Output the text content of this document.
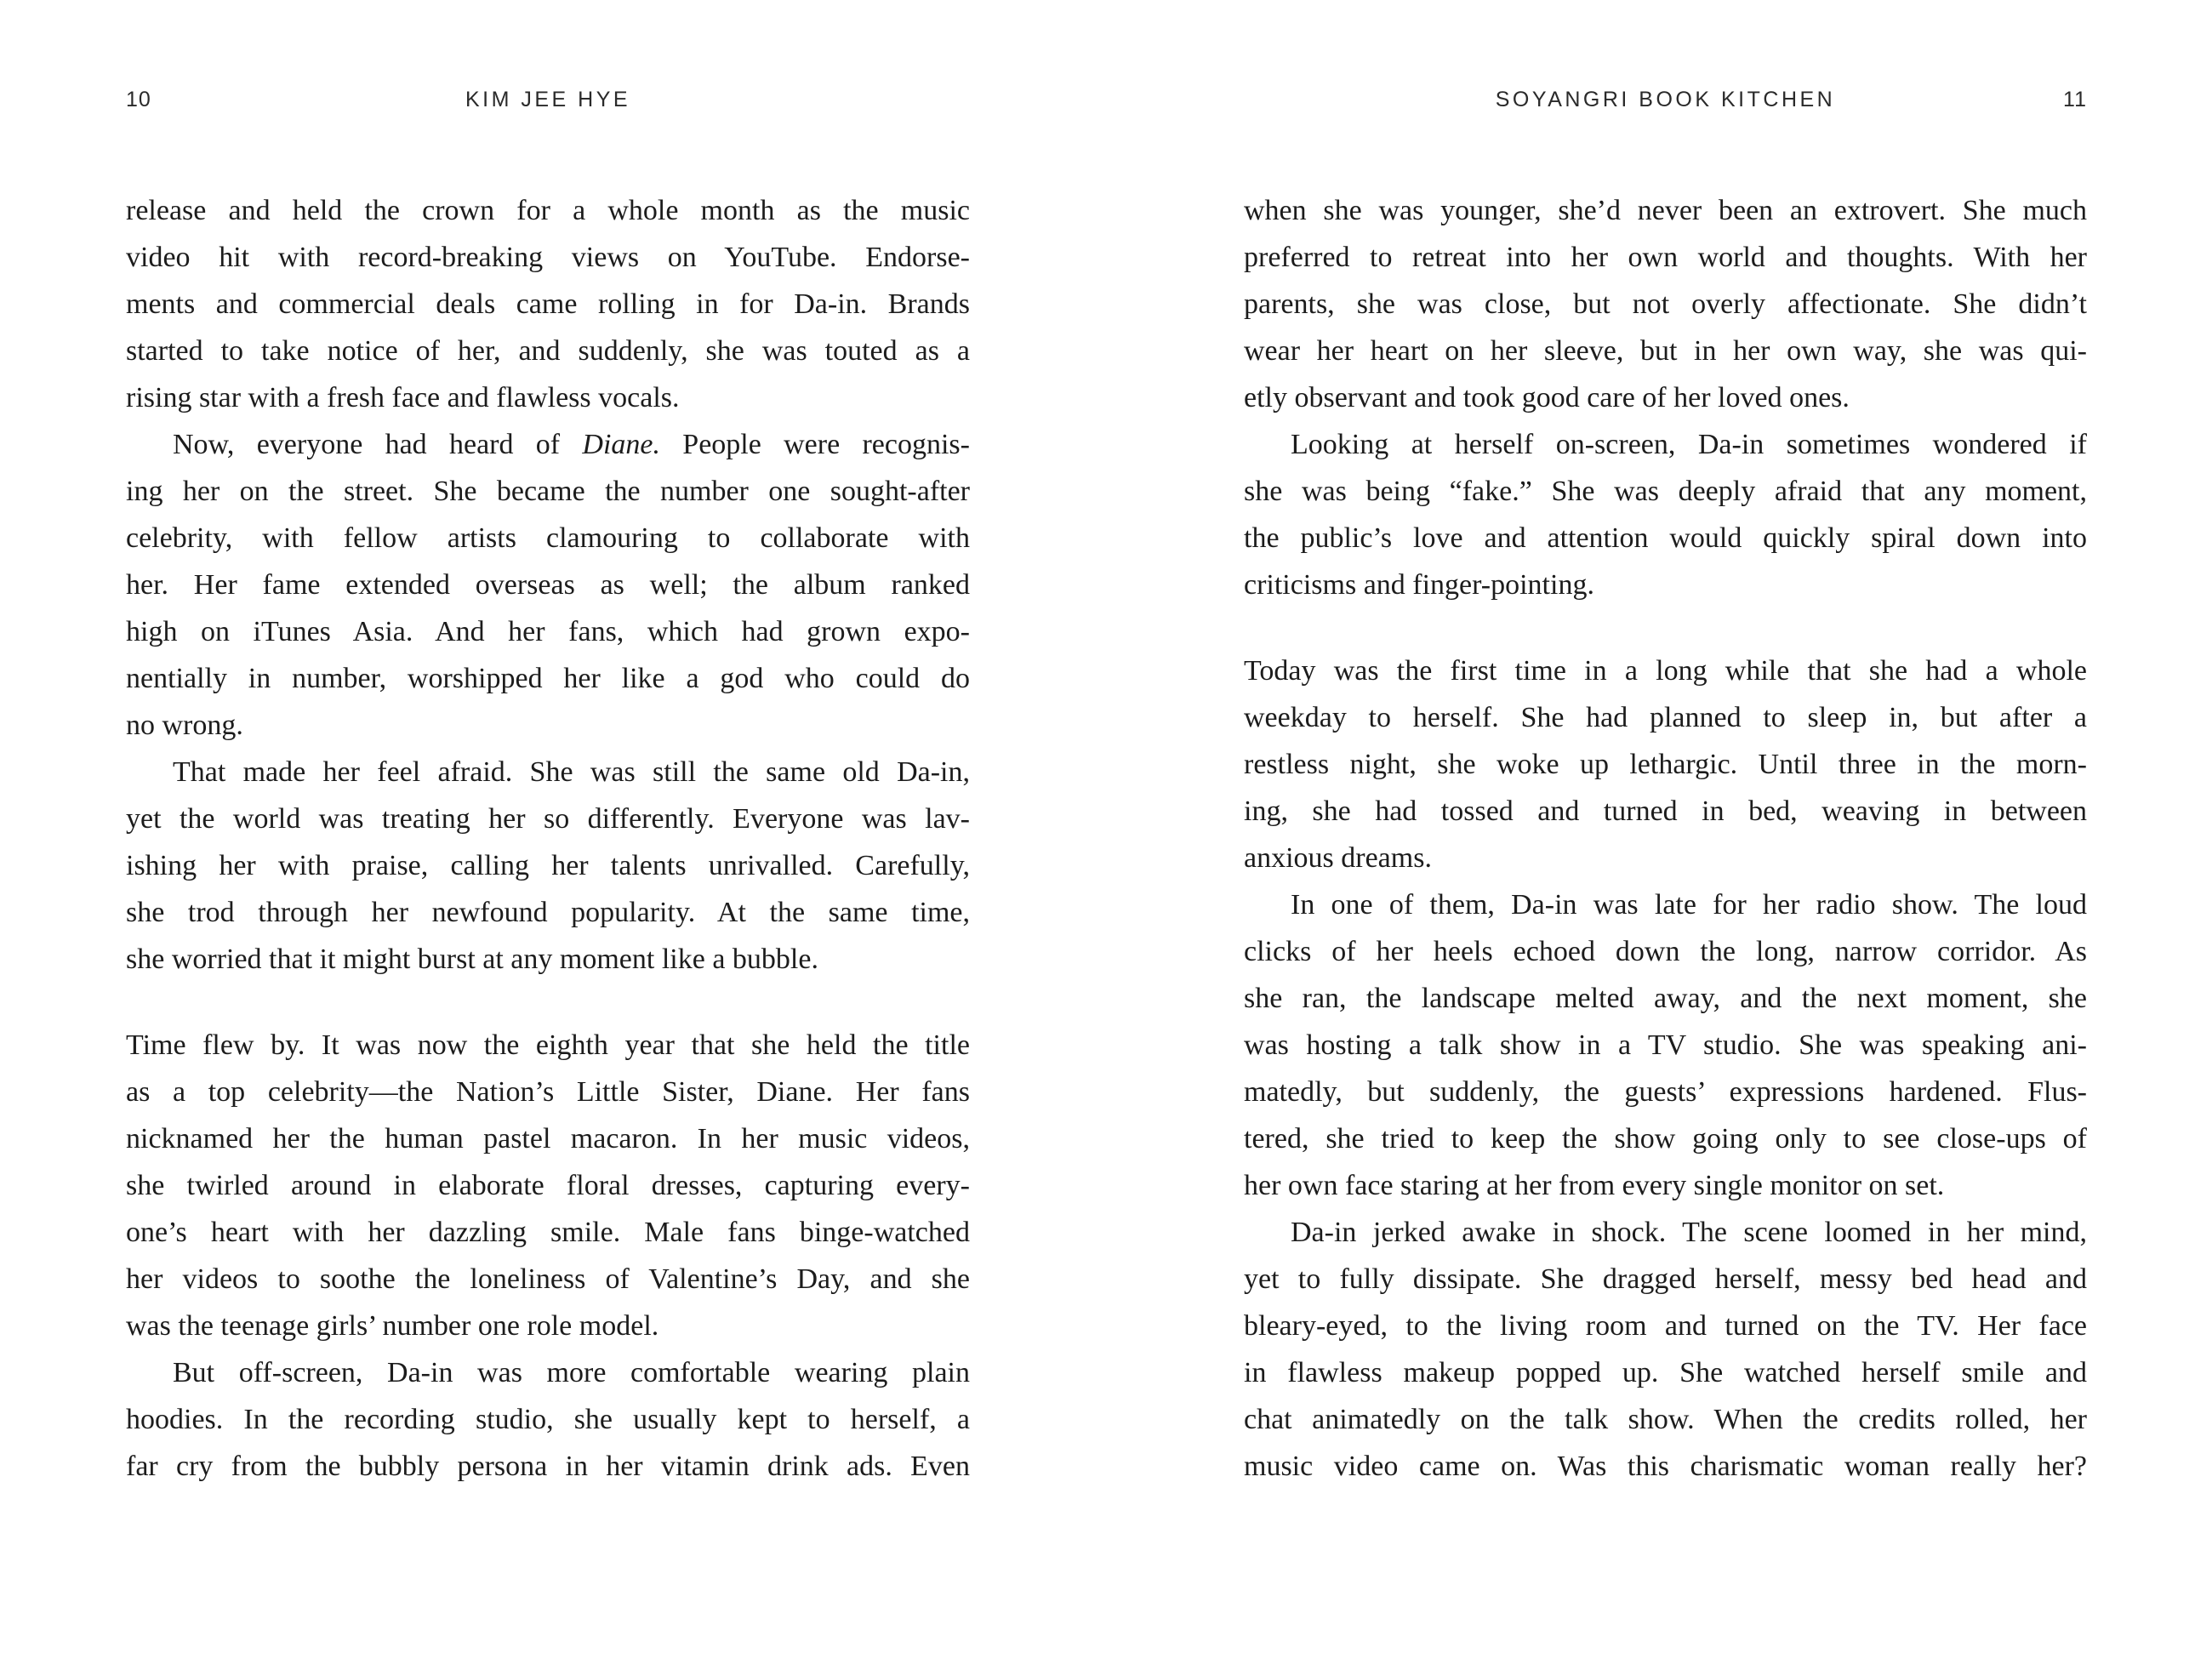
10	KIM JEE HYE
release and held the crown for a whole month as the music
video hit with record-breaking views on YouTube. Endorse-
ments and commercial deals came rolling in for Da-in. Brands
started to take notice of her, and suddenly, she was touted as a
rising star with a fresh face and flawless vocals.
Now, everyone had heard of Diane. People were recognis-
ing her on the street. She became the number one sought-after
celebrity, with fellow artists clamouring to collaborate with
her. Her fame extended overseas as well; the album ranked
high on iTunes Asia. And her fans, which had grown expo-
nentially in number, worshipped her like a god who could do
no wrong.
That made her feel afraid. She was still the same old Da-in,
yet the world was treating her so differently. Everyone was lav-
ishing her with praise, calling her talents unrivalled. Carefully,
she trod through her newfound popularity. At the same time,
she worried that it might burst at any moment like a bubble.
Time flew by. It was now the eighth year that she held the title
as a top celebrity—the Nation’s Little Sister, Diane. Her fans
nicknamed her the human pastel macaron. In her music videos,
she twirled around in elaborate floral dresses, capturing every-
one’s heart with her dazzling smile. Male fans binge-watched
her videos to soothe the loneliness of Valentine’s Day, and she
was the teenage girls’ number one role model.
But off-screen, Da-in was more comfortable wearing plain
hoodies. In the recording studio, she usually kept to herself, a
far cry from the bubbly persona in her vitamin drink ads. Even
SOYANGRI BOOK KITCHEN	11
when she was younger, she’d never been an extrovert. She much
preferred to retreat into her own world and thoughts. With her
parents, she was close, but not overly affectionate. She didn’t
wear her heart on her sleeve, but in her own way, she was qui-
etly observant and took good care of her loved ones.
Looking at herself on-screen, Da-in sometimes wondered if
she was being “fake.” She was deeply afraid that any moment,
the public’s love and attention would quickly spiral down into
criticisms and finger-pointing.
Today was the first time in a long while that she had a whole
weekday to herself. She had planned to sleep in, but after a
restless night, she woke up lethargic. Until three in the morn-
ing, she had tossed and turned in bed, weaving in between
anxious dreams.
In one of them, Da-in was late for her radio show. The loud
clicks of her heels echoed down the long, narrow corridor. As
she ran, the landscape melted away, and the next moment, she
was hosting a talk show in a TV studio. She was speaking ani-
matedly, but suddenly, the guests’ expressions hardened. Flus-
tered, she tried to keep the show going only to see close-ups of
her own face staring at her from every single monitor on set.
Da-in jerked awake in shock. The scene loomed in her mind,
yet to fully dissipate. She dragged herself, messy bed head and
bleary-eyed, to the living room and turned on the TV. Her face
in flawless makeup popped up. She watched herself smile and
chat animatedly on the talk show. When the credits rolled, her
music video came on. Was this charismatic woman really her?
